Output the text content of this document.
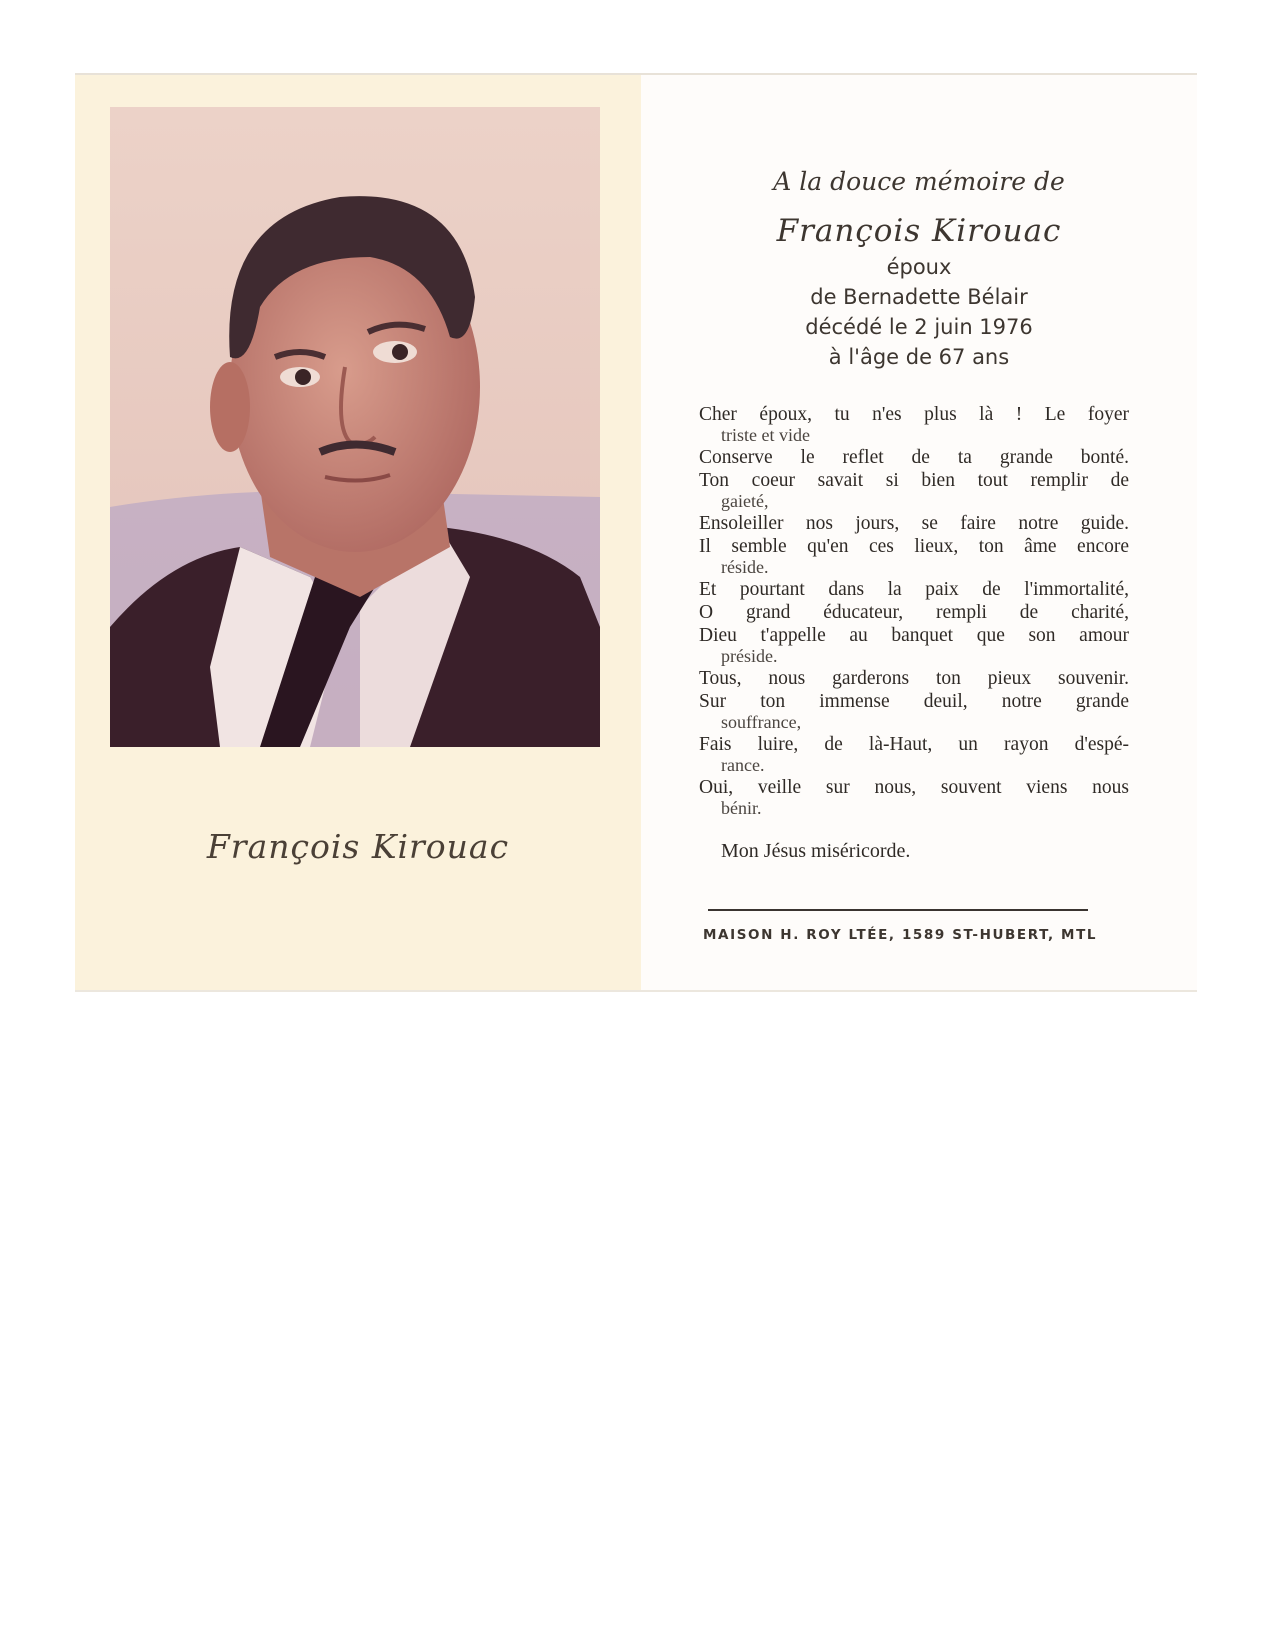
François Kirouac
A la douce mémoire de
François Kirouac
époux
de Bernadette Bélair
décédé le 2 juin 1976
à l'âge de 67 ans
Cher époux, tu n'es plus là ! Le foyer
triste et vide
Conserve le reflet de ta grande bonté.
Ton coeur savait si bien tout remplir de
gaieté,
Ensoleiller nos jours, se faire notre guide.
Il semble qu'en ces lieux, ton âme encore
réside.
Et pourtant dans la paix de l'immortalité,
O grand éducateur, rempli de charité,
Dieu t'appelle au banquet que son amour
préside.
Tous, nous garderons ton pieux souvenir.
Sur ton immense deuil, notre grande
souffrance,
Fais luire, de là-Haut, un rayon d'espé-
rance.
Oui, veille sur nous, souvent viens nous
bénir.
Mon Jésus miséricorde.
MAISON H. ROY LTÉE, 1589 ST-HUBERT, MTL
